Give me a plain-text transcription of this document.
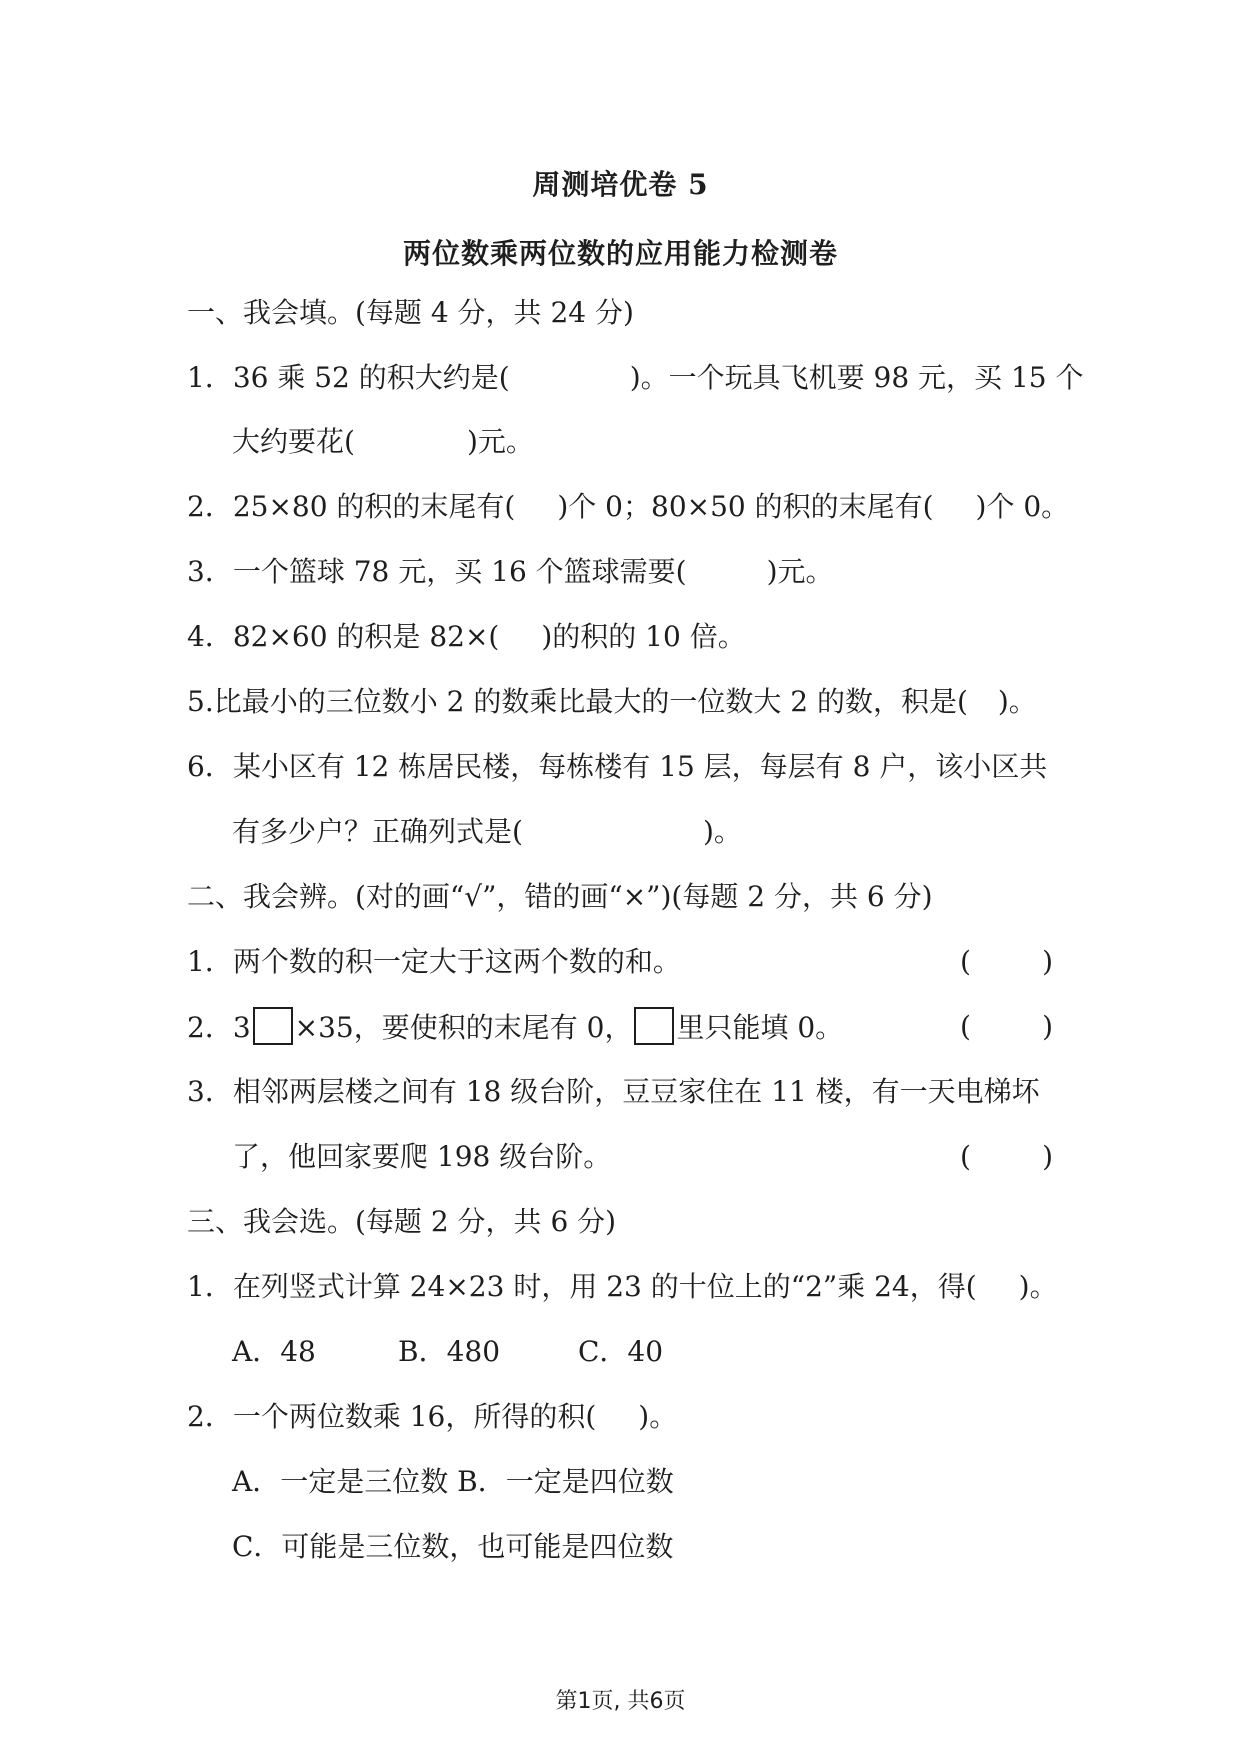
周测培优卷 5
两位数乘两位数的应用能力检测卷
一、我会填。(每题 4 分，共 24 分)
1．36 乘 52 的积大约是(	)。一个玩具飞机要 98 元，买 15 个
大约要花(	)元。
2．25×80 的积的末尾有( )个 0；80×50 的积的末尾有( )个 0。
3．一个篮球 78 元，买 16 个篮球需要(	)元。
4．82×60 的积是 82×( )的积的 10 倍。
5.比最小的三位数小 2 的数乘比最大的一位数大 2 的数，积是( )。
6．某小区有 12 栋居民楼，每栋楼有 15 层，每层有 8 户，该小区共
有多少户？正确列式是(	)。
二、我会辨。(对的画“√”，错的画“×”)(每题 2 分，共 6 分)
1．两个数的积一定大于这两个数的和。	(        )
2．3 ×35，要使积的末尾有 0， 里只能填 0。	(        )
3．相邻两层楼之间有 18 级台阶，豆豆家住在 11 楼，有一天电梯坏
了，他回家要爬 198 级台阶。	(        )
三、我会选。(每题 2 分，共 6 分)
1．在列竖式计算 24×23 时，用 23 的十位上的“2”乘 24，得( )。
A．48	B．480	C．40
2．一个两位数乘 16，所得的积( )。
A．一定是三位数 B．一定是四位数
C．可能是三位数，也可能是四位数
第1页, 共6页
